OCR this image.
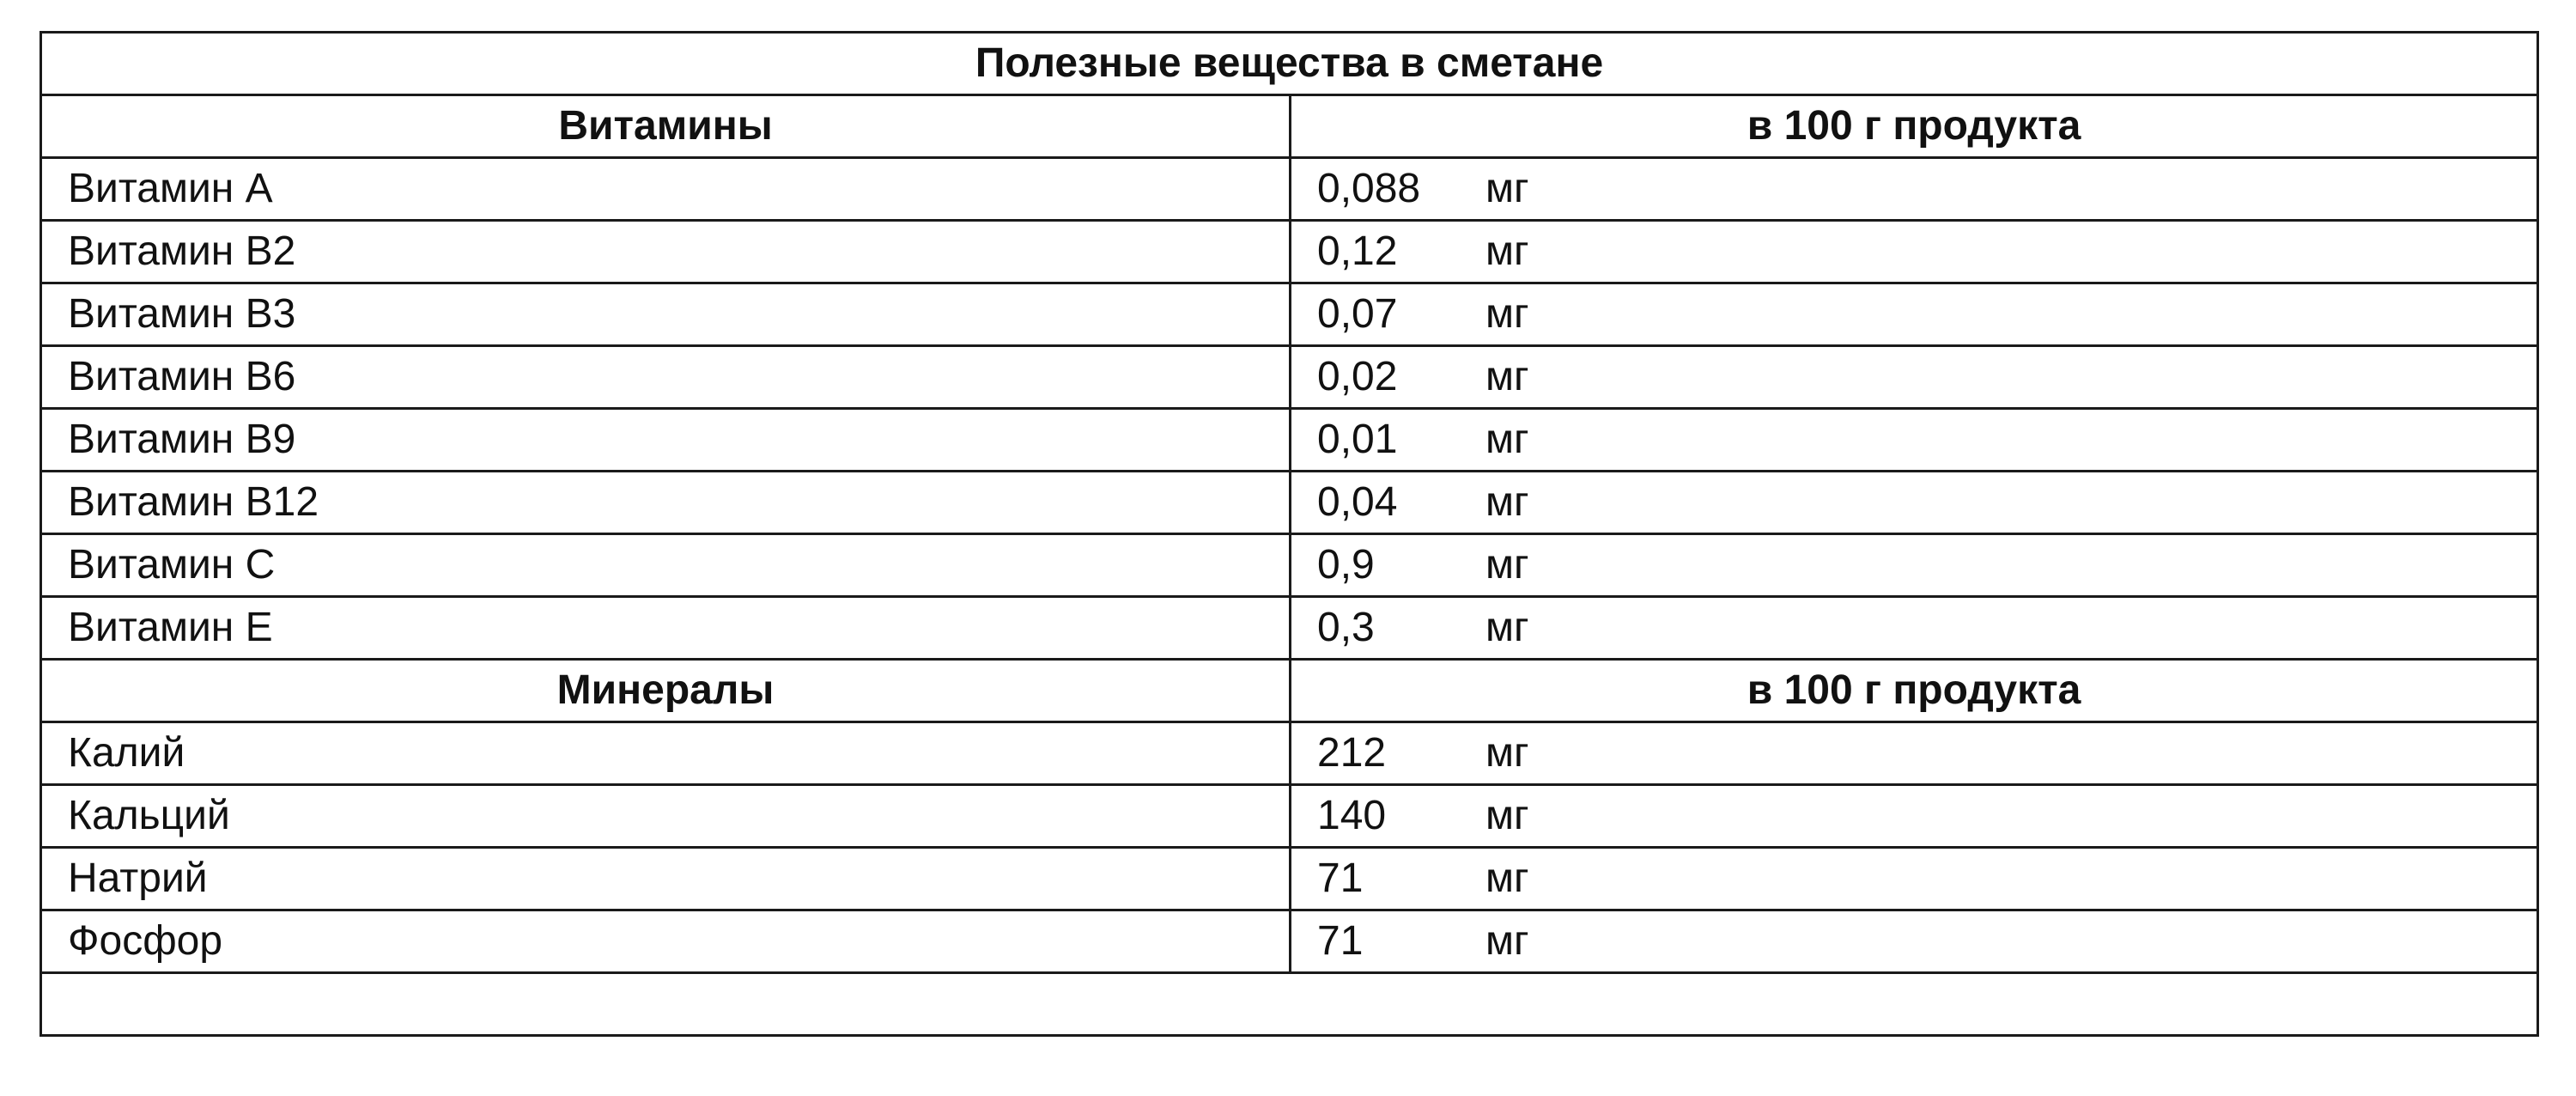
Полезные вещества в сметане	
Витамины	в 100 г продукта
Витамин А	0,088 мг
Витамин В2	0,12 мг
Витамин В3	0,07 мг
Витамин В6	0,02 мг
Витамин В9	0,01 мг
Витамин В12	0,04 мг
Витамин С	0,9 мг
Витамин Е	0,3 мг
Минералы	в 100 г продукта
Калий	212 мг
Кальций	140 мг
Натрий	71 мг
Фосфор	71 мг
